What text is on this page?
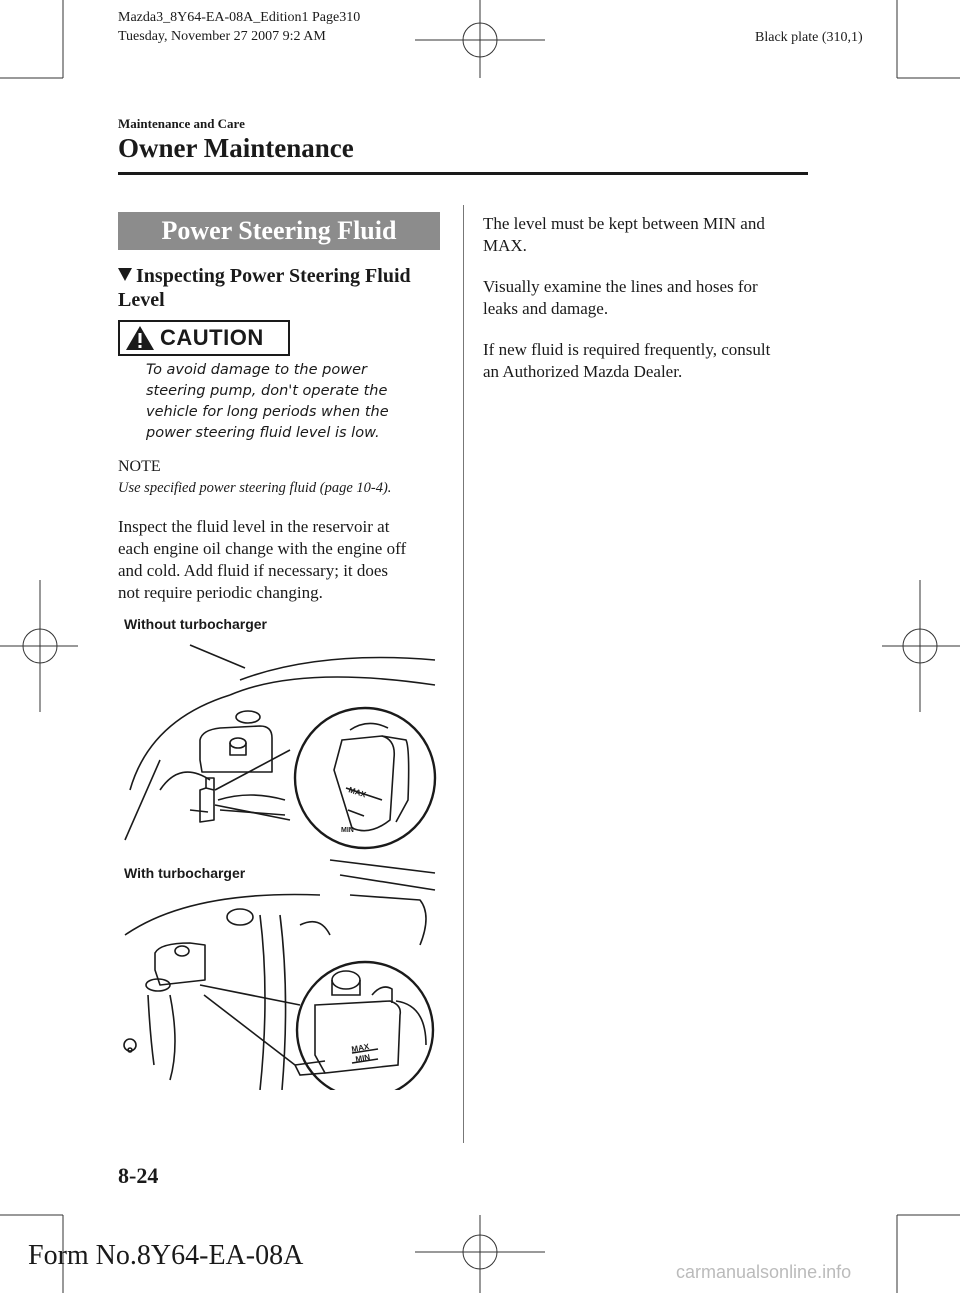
Mazda3_8Y64-EA-08A_Edition1 Page310
Tuesday, November 27 2007 9:2 AM	Black plate (310,1)
Maintenance and Care
Owner Maintenance
Power Steering Fluid
Inspecting Power Steering Fluid Level
CAUTION
To avoid damage to the power
steering pump, don't operate the
vehicle for long periods when the
power steering fluid level is low.
NOTE
Use specified power steering fluid (page 10-4).
Inspect the fluid level in the reservoir at
each engine oil change with the engine off
and cold. Add fluid if necessary; it does
not require periodic changing.
Without turbocharger
MAX
MIN
With turbocharger
MAX
MIN
The level must be kept between MIN and
MAX.
Visually examine the lines and hoses for
leaks and damage.
If new fluid is required frequently, consult
an Authorized Mazda Dealer.
8-24
Form No.8Y64-EA-08A
carmanualsonline.info
